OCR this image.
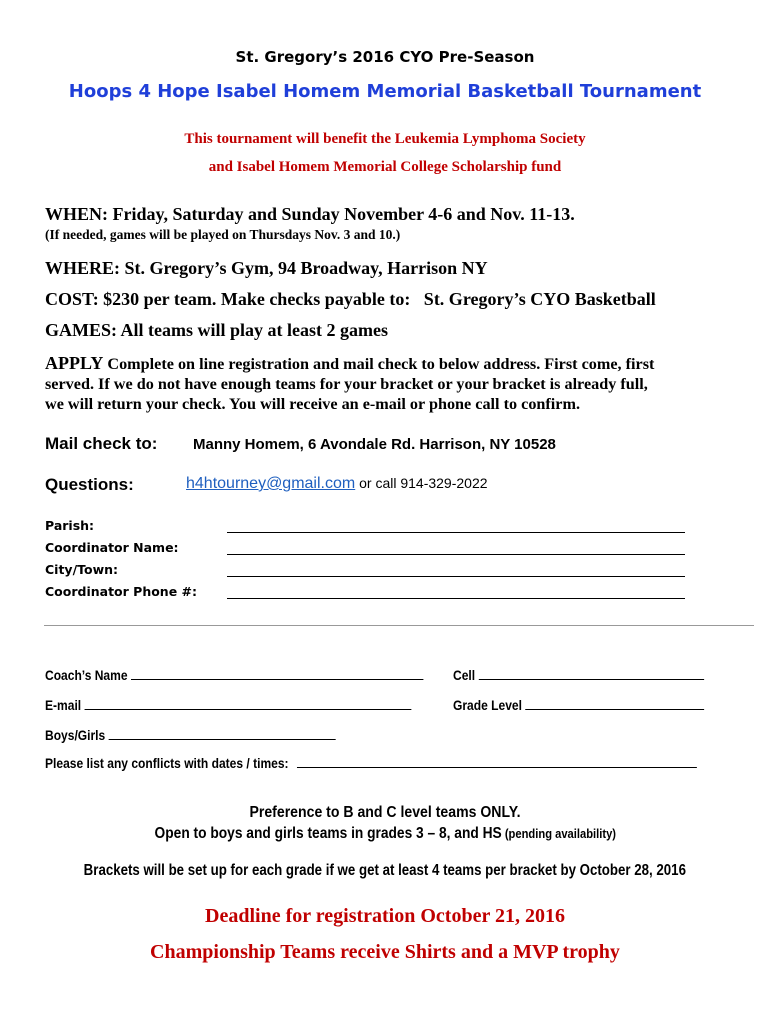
St. Gregory’s 2016 CYO Pre-Season
Hoops 4 Hope Isabel Homem Memorial Basketball Tournament
This tournament will benefit the Leukemia Lymphoma Society
and Isabel Homem Memorial College Scholarship fund
WHEN: Friday, Saturday and Sunday November 4-6 and Nov. 11-13.
(If needed, games will be played on Thursdays Nov. 3 and 10.)
WHERE: St. Gregory’s Gym, 94 Broadway, Harrison NY
COST: $230 per team. Make checks payable to:   St. Gregory’s CYO Basketball
GAMES: All teams will play at least 2 games
APPLY Complete on line registration and mail check to below address. First come, first
served. If we do not have enough teams for your bracket or your bracket is already full,
we will return your check. You will receive an e-mail or phone call to confirm.
Mail check to: Manny Homem, 6 Avondale Rd. Harrison, NY 10528
Questions:	h4htourney@gmail.com or call 914-329-2022
Parish:
Coordinator Name:
City/Town:
Coordinator Phone #:
Coach’s Name	Cell
E-mail	Grade Level
Boys/Girls
Please list any conflicts with dates / times:
Preference to B and C level teams ONLY.
Open to boys and girls teams in grades 3 – 8, and HS (pending availability)
Brackets will be set up for each grade if we get at least 4 teams per bracket by October 28, 2016
Deadline for registration October 21, 2016
Championship Teams receive Shirts and a MVP trophy
